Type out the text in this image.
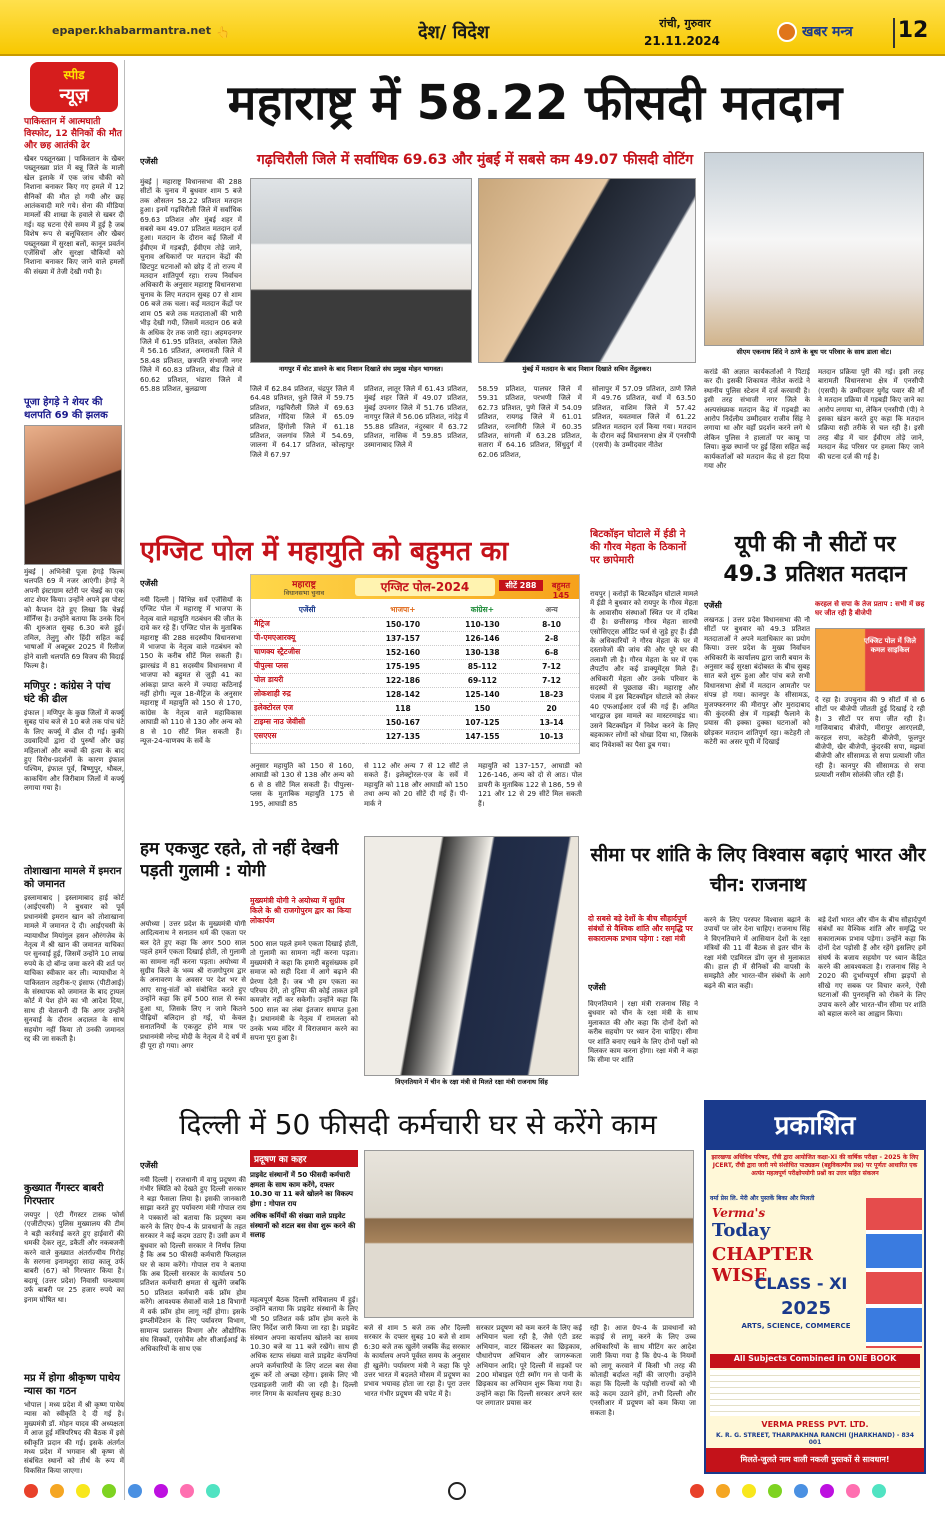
epaper.khabarmantra.net 👆	देश/ विदेश	रांची, गुरुवार
21.11.2024
खबर मन्त्र	12
स्पीड
न्यूज़
पाकिस्तान में आत्मघाती विस्फोट, 12 सैनिकों की मौत और छह आतंकी ढेर
खैबर पख्तूनख्वा | पाकिस्तान के खैबर पख्तूनख्वा प्रांत में बन्नू जिले के माली खेल इलाके में एक जांच चौकी को निशाना बनाकर किए गए हमले में 12 सैनिकों की मौत हो गयी और छह आतंकवादी मारे गये। सेना की मीडिया मामलों की शाखा के हवाले से खबर दी गई। यह घटना ऐसे समय में हुई है जब विशेष रूप से बलूचिस्तान और खैबर पख्तूनख्वा में सुरक्षा बलों, कानून प्रवर्तन एजेंसियों और सुरक्षा चौकियों को निशाना बनाकर किए जाने वाले हमलों की संख्या में तेजी देखी गयी है।
पूजा हेगड़े ने शेयर की थलपति 69 की झलक
मुंबई | अभिनेत्री पूजा हेगड़े फिल्म थलपति 69 में नजर आएंगी। हेगड़े ने अपनी इंस्टाग्राम स्टोरी पर चेन्नई का एक शाट शेयर किया। उन्होंने अपने इस पोस्ट को कैप्शन देते हुए लिखा कि चेन्नई मॉर्निंग्स है। उन्होंने बताया कि उनके दिन की शुरुआत सुबह 6.30 बजे हुई। तमिल, तेलुगु और हिंदी सहित कई भाषाओं में अक्टूबर 2025 में रिलीज होने वाली थलपति 69 विजय की विदाई फिल्म है।
मणिपुर : कांग्रेस ने पांच घंटे की ढील
इंफाल | मणिपुर के कुछ जिलों में कर्फ्यू सुबह पांच बजे से 10 बजे तक पांच घंटे के लिए कर्फ्यू में ढील दी गई। कुकी उग्रवादियों द्वारा दो पुरुषों और छह महिलाओं और बच्चों की हत्या के बाद हुए विरोध-प्रदर्शनों के कारण इंफाल पश्चिम, इंफाल पूर्व, बिष्णुपुर, थौबल, काकचिंग और जिरीबाम जिलों में कर्फ्यू लगाया गया है।
तोशाखाना मामले में इमरान को जमानत
इस्लामाबाद | इस्लामाबाद हाई कोर्ट (आईएचसी) ने बुधवार को पूर्व प्रधानमंत्री इमरान खान को तोशाखाना मामले में जमानत दे दी। आईएचसी के न्यायाधीश मियांगुल हसन औरंगजेब के नेतृत्व में श्री खान की जमानत याचिका पर सुनवाई हुई, जिसमें उन्होंने 10 लाख रुपये के दो बॉन्ड जमा करने की शर्त पर याचिका स्वीकार कर ली। न्यायाधीश ने पाकिस्तान तहरीक-ए इंसाफ (पीटीआई) के संस्थापक को जमानत के बाद ट्रायल कोर्ट में पेश होने का भी आदेश दिया, साथ ही चेतावनी दी कि अगर उन्होंने सुनवाई के दौरान अदालत के साथ सहयोग नहीं किया तो उनकी जमानत रद्द की जा सकती है।
कुख्यात गैंगस्टर बाबरी गिरफ्तार
जयपुर | एंटी गैंगस्टर टास्क फोर्स (एजीटीएफ) पुलिस मुख्यालय की टीम ने बड़ी कार्रवाई करते हुए हाईवारों की धमकी देकर लूट, डकैती और नकबजनी करने वाले कुख्यात अंतर्राज्यीय गिरोह के सरगना इनामशुदा सादा कालू उर्फ बाबरी (67) को गिरफ्तार किया है। बदायूं (उत्तर प्रदेश) निवासी घनश्याम उर्फ बाबरी पर 25 हजार रुपये का इनाम घोषित था।
मप्र में होगा श्रीकृष्ण पाथेय न्यास का गठन
भोपाल | मध्य प्रदेश में श्री कृष्ण पाथेय न्यास को स्वीकृति दे दी गई है। मुख्यमंत्री डॉ. मोहन यादव की अध्यक्षता में आज हुई मंत्रिपरिषद की बैठक में इसे स्वीकृति प्रदान की गई। इसके अंतर्गत मध्य प्रदेश में भगवान श्री कृष्ण से संबंधित स्थानों को तीर्थ के रूप में विकसित किया जाएगा।
महाराष्ट्र में 58.22 फीसदी मतदान
गढ़चिरौली जिले में सर्वाधिक 69.63 और मुंबई में सबसे कम 49.07 फीसदी वोटिंग
एजेंसी
मुंबई | महाराष्ट्र विधानसभा की 288 सीटों के चुनाव में बुधवार शाम 5 बजे तक औसतन 58.22 प्रतिशत मतदान हुआ। इनमें गढ़चिरौली जिले में सर्वाधिक 69.63 प्रतिशत और मुंबई शहर में सबसे कम 49.07 प्रतिशत मतदान दर्ज हुआ। मतदान के दौरान कई जिलों में ईवीएम में गड़बड़ी, ईवीएम तोड़े जाने, चुनाव अधिकारों पर मतदान केंद्रों की छिटपुट घटनाओं को छोड़ दें तो राज्य में मतदान शांतिपूर्ण रहा। राज्य निर्वाचन अधिकारी के अनुसार महाराष्ट्र विधानसभा चुनाव के लिए मतदान सुबह 07 से शाम 06 बजे तक चला। कई मतदान केंद्रों पर शाम 05 बजे तक मतदाताओं की भारी भीड़ देखी गयी, जिसमें मतदान 06 बजे के अधिक देर तक जारी रहा। अहमदनगर जिले में 61.95 प्रतिशत, अकोला जिले में 56.16 प्रतिशत, अमरावती जिले में 58.48 प्रतिशत, छत्रपति संभाजी नगर जिले में 60.83 प्रतिशत, बीड जिले में 60.62 प्रतिशत, भंडारा जिले में 65.88 प्रतिशत, बुलढाणा
नागपुर में वोट डालने के बाद निशान दिखाते संघ प्रमुख मोहन भागवत।	मुंबई में मतदान के बाद निशान दिखाते सचिन तेंदुलकर।
सीएम एकनाथ शिंदे ने ठाणे के बूथ पर परिवार के साथ डाला वोट।
जिले में 62.84 प्रतिशत, चंद्रपुर जिले में 64.48 प्रतिशत, धुले जिले में 59.75 प्रतिशत, गढ़चिरौली जिले में 69.63 प्रतिशत, गोंदिया जिले में 65.09 प्रतिशत, हिंगोली जिले में 61.18 प्रतिशत, जलगांव जिले में 54.69, जालना में 64.17 प्रतिशत, कोल्हापुर जिले में 67.97
प्रतिशत, लातूर जिले में 61.43 प्रतिशत, मुंबई शहर जिले में 49.07 प्रतिशत, मुंबई उपनगर जिले में 51.76 प्रतिशत, नागपुर जिले में 56.06 प्रतिशत, नांदेड़ में 55.88 प्रतिशत, नंदुरबार में 63.72 प्रतिशत, नासिक में 59.85 प्रतिशत, उस्मानाबाद जिले में
58.59 प्रतिशत, पालघर जिले में 59.31 प्रतिशत, परभणी जिले में 62.73 प्रतिशत, पुणे जिले में 54.09 प्रतिशत, रायगढ़ जिले में 61.01 प्रतिशत, रत्नागिरी जिले में 60.35 प्रतिशत, सांगली में 63.28 प्रतिशत, सतारा में 64.16 प्रतिशत, सिंधुदुर्ग में 62.06 प्रतिशत,
सोलापुर में 57.09 प्रतिशत, ठाणे जिले में 49.76 प्रतिशत, वर्धा में 63.50 प्रतिशत, वाशिम जिले में 57.42 प्रतिशत, यवतमाल जिले में 61.22 प्रतिशत मतदान दर्ज किया गया। मतदान के दौरान कई विधानसभा क्षेत्र में एनसीपी (एसपी) के उम्मीदवार नीतेश
करांडे की अज्ञात कार्यकर्ताओं ने पिटाई कर दी। इसकी शिकायत नीतेश करांडे ने स्थानीय पुलिस स्टेशन में दर्ज करवायी है। इसी तरह संभाजी नगर जिले के अल्पसंख्यक मतदान केंद्र में गड़बड़ी का आरोप निर्दलीय उम्मीदवार राजीव सिंह ने लगाया था और वहाँ प्रदर्शन करने लगे थे लेकिन पुलिस ने हालातों पर काबू पा लिया। कुछ स्थानों पर हुई हिंसा सहित कई कार्यकर्ताओं को मतदान केंद्र से हटा दिया गया और
मतदान प्रक्रिया पूरी की गई। इसी तरह बारामती विधानसभा क्षेत्र में एनसीपी (एसपी) के उम्मीदवार युगेंद्र पवार की माँ ने मतदान प्रक्रिया में गड़बड़ी किए जाने का आरोप लगाया था, लेकिन एनसीपी (पी) ने इसका खंडन करते हुए कहा कि मतदान प्रक्रिया सही तरीके से चल रही है। इसी तरह बीड़ में चार ईवीएम तोड़े जाने, मतदान केंद्र परिसर पर हमला किए जाने की घटना दर्ज की गई है।
एग्जिट पोल में महायुति को बहुमत का
एजेंसी
नयी दिल्ली | विभिन्न सर्वे एजेंसियों के एग्जिट पोल में महाराष्ट्र में भाजपा के नेतृत्व वाले महायुति गठबंधन की जीत के दावे कर रहे हैं। एग्जिट पोल के मुताबिक महाराष्ट्र की 288 सदस्यीय विधानसभा में भाजपा के नेतृत्व वाले गठबंधन को 150 के करीब सीटें मिल सकती हैं। झारखंड में 81 सदस्यीय विधानसभा में भाजपा को बहुमत से जुड़ी 41 का आंकड़ा प्राप्त करने में ज्यादा कठिनाई नहीं होगी। न्यूज 18-मैट्रिज के अनुसार महाराष्ट्र में महायुति को 150 से 170, कांग्रेस के नेतृत्व वाले महाविकास आघाडी को 110 से 130 और अन्य को 8 से 10 सीटें मिल सकती हैं। न्यूज-24-चाणक्य के सर्वे के
महाराष्ट्र
विधानसभा चुनाव	एग्जिट पोल-2024	सीटें 288	बहुमत 145
एजेंसी	भाजपा+	कांग्रेस+	अन्य
मैट्रिज	150-170	110-130	8-10
पी-एमएआरक्यू	137-157	126-146	2-8
चाणक्य स्ट्रैटजीस	152-160	130-138	6-8
पीपुल्स प्लस	175-195	85-112	7-12
पोल डायरी	122-186	69-112	7-12
लोकशाही रुद्र	128-142	125-140	18-23
इलेक्टोरल एज	118	150	20
टाइम्स नाउ जेवीसी	150-167	107-125	13-14
एसएएस	127-135	147-155	10-13
अनुसार महायुति को 150 से 160, आघाडी को 130 से 138 और अन्य को 6 से 8 सीटें मिल सकती हैं। पीपुल्स-प्लस के मुताबिक महायुति 175 से 195, आघाडी 85
से 112 और अन्य 7 से 12 सीटें ले सकते हैं। इलेक्ट्रोरल-एज के सर्वे में महायुति को 118 और आघाडी को 150 तथा अन्य को 20 सीटें दी गई हैं। पी-मार्क ने
महायुति को 137-157, आघाडी को 126-146, अन्य को दो से आठ। पोल डायरी के मुताबिक 122 से 186, 59 से 121 और 12 से 29 सीटें मिल सकती हैं।
बिटकॉइन घोटाले में ईडी ने की गौरव मेहता के ठिकानों पर छापेमारी
रायपुर | करोड़ों के बिटकॉइन घोटाले मामले में ईडी ने बुधवार को रायपुर के गौरव मेहता के आवासीय संस्थाओं स्थित पर में दबिश दी है। छत्तीसगढ़ गौरव मेहता सारथी एसोसिएट्स ऑडिट फर्म से जुड़े हुए हैं। ईडी के अधिकारियों ने गौरव मेहता के घर में दस्तावेजों की जांच की और पूरे घर की तलाशी ली है। गौरव मेहता के घर में एक लैपटॉप और कई डाक्यूमेंट्स मिले हैं। अधिकारी मेहता और उनके परिवार के सदस्यों से पूछताछ की। महाराष्ट्र और पंजाब में इस बिटक्वॉइन घोटाले को लेकर 40 एफआईआर दर्ज की गई हैं। अमित भारद्वाज इस मामले का मास्टरमाइंड था। उसने बिटक्वॉइन में निवेश करने के लिए बहकाकर लोगों को धोखा दिया था, जिसके बाद निवेशकों का पैसा डूब गया।
यूपी की नौ सीटों पर 49.3 प्रतिशत मतदान
एजेंसी	करहल से सपा के तेज प्रताप : सभी में छह घर जीत रही है बीजेपी
लखनऊ | उत्तर प्रदेश विधानसभा की नौ सीटों पर बुधवार को 49.3 प्रतिशत मतदाताओं ने अपने मताधिकार का प्रयोग किया। उत्तर प्रदेश के मुख्य निर्वाचन अधिकारी के कार्यालय द्वारा जारी बयान के अनुसार कई सुरक्षा बंदोबस्त के बीच सुबह सात बजे शुरू हुआ और पांच बजे सभी विधानसभा क्षेत्रों में मतदान आमतौर पर संपन्न हो गया। कानपुर के सीसामऊ, मुजफ्फरनगर की मीरापुर और मुरादाबाद की कुंदरकी क्षेत्र में गड़बड़ी फैलाने के प्रयास की इक्का दुक्का घटनाओं को छोड़कर मतदान शांतिपूर्ण रहा। कटेहरी तो कटेरी का असर यूपी में दिखाई
एक्जिट पोल में जिले कमल साइकिल
दे रहा है। उपचुनाव की 9 सीटों में से 6 सीटों पर बीजेपी जीतती हुई दिखाई दे रही है। 3 सीटों पर सपा जीत रही है। गाजियाबाद बीजेपी, मीरापुर आरएलडी, करहल सपा, कटेहरी बीजेपी, फूलपुर बीजेपी, खैर बीजेपी, कुंदरकी सपा, मझवां बीजेपी और सीसामऊ से सपा प्रत्याशी जीत रही है। कानपुर की सीसामऊ से सपा प्रत्याशी नसीम सोलंकी जीत रही हैं।
हम एकजुट रहते, तो नहीं देखनी पड़ती गुलामी : योगी
अयोध्या | उत्तर प्रदेश के मुख्यमंत्री योगी आदित्यनाथ ने सनातन धर्म की एकता पर बल देते हुए कहा कि अगर 500 साल पहले हमने एकता दिखाई होती, तो गुलामी का सामना नहीं करना पड़ता। अयोध्या में सुग्रीव किले के भव्य श्री राजगोपुरम द्वार के अनावरण के अवसर पर देश भर से आए साधु-संतों को संबोधित करते हुए उन्होंने कहा कि हमें 500 साल से रुका हुआ था, जिसके लिए न जाने कितने पीढ़ियों बलिदान हो गई, यो केवल सनातनियों के एकजुट होने मात्र पर प्रधानमंत्री नरेन्द्र मोदी के नेतृत्व में दे वर्ष में ही पूरा हो गया। अगर
मुख्यमंत्री योगी ने अयोध्या में सुग्रीव किले के श्री राजगोपुरम द्वार का किया लोकार्पण
500 साल पहले हमने एकता दिखाई होती, तो गुलामी का सामना नहीं करना पड़ता। मुख्यमंत्री ने कहा कि हमारी बहुसंख्यक हमें समाज को सही दिशा में आगे बढ़ाने की प्रेरणा देती हैं। जब भी हम एकता का परिचय देंगे, तो दुनिया की कोई ताकत हमें कमजोर नहीं कर सकेगी। उन्होंने कहा कि 500 साल का लंबा इंतजार समाप्त हुआ है। प्रधानमंत्री के नेतृत्व में रामलला को उनके भव्य मंदिर में विराजमान करने का सपना पूरा हुआ है।
विएनतियाने में चीन के रक्षा मंत्री से मिलते रक्षा मंत्री राजनाथ सिंह
सीमा पर शांति के लिए विश्वास बढ़ाएं भारत और चीन: राजनाथ
दो सबसे बड़े देशों के बीच सौहार्दपूर्ण संबंधों से वैश्विक शांति और समृद्धि पर सकारात्मक प्रभाव पड़ेगा : रक्षा मंत्री
एजेंसी
विएनतियाने | रक्षा मंत्री राजनाथ सिंह ने बुधवार को चीन के रक्षा मंत्री के साथ मुलाकात की और कहा कि दोनों देशों को करीब सहयोग पर ध्यान देना चाहिए। सीमा पर शांति बनाए रखने के लिए दोनों पक्षों को मिलकर काम करना होगा। रक्षा मंत्री ने कहा कि सीमा पर शांति
करने के लिए परस्पर विश्वास बढ़ाने के उपायों पर जोर देना चाहिए। राजनाथ सिंह ने विएनतियाने में आसियान देशों के रक्षा मंत्रियों की 11 वीं बैठक से इतर चीन के रक्षा मंत्री एडमिरल डोंग जुन से मुलाकात की। हाल ही में सैनिकों की वापसी के समझौते और भारत-चीन संबंधों के आगे बढ़ने की बात कही।
बड़े देशों भारत और चीन के बीच सौहार्दपूर्ण संबंधों का वैश्विक शांति और समृद्धि पर सकारात्मक प्रभाव पड़ेगा। उन्होंने कहा कि दोनों देश पड़ोसी हैं और रहेंगे इसलिए हमें संघर्ष के बजाय सहयोग पर ध्यान केंद्रित करने की आवश्यकता है। राजनाथ सिंह ने 2020 की दुर्भाग्यपूर्ण सीमा झड़पों से सीखे गए सबक पर विचार करने, ऐसी घटनाओं की पुनरावृत्ति को रोकने के लिए उपाय करने और भारत-चीन सीमा पर शांति को बहाल करने का आह्वान किया।
दिल्ली में 50 फीसदी कर्मचारी घर से करेंगे काम
एजेंसी
नयी दिल्ली | राजधानी में वायु प्रदूषण की गंभीर स्थिति को देखते हुए दिल्ली सरकार ने बड़ा फैसला लिया है। इसकी जानकारी साझा करते हुए पर्यावरण मंत्री गोपाल राय ने पत्रकारों को बताया कि प्रदूषण कम करने के लिए ग्रेप-4 के प्रावधानों के तहत सरकार ने कई कदम उठाए हैं। उसी क्रम में बुधवार को दिल्ली सरकार ने निर्णय लिया है कि अब 50 फीसदी कर्मचारी फिलहाल घर से काम करेंगे। गोपाल राय ने बताया कि अब दिल्ली सरकार के कार्यालय 50 प्रतिशत कर्मचारी क्षमता से खुलेंगे जबकि 50 प्रतिशत कर्मचारी वर्क फ्रॉम होम करेंगे। आवश्यक सेवाओं वाले 18 विभागों में वर्क फ्रॉम होम लागू नहीं होगा। इसके इम्प्लीमेंटेशन के लिए पर्यावरण विभाग, सामान्य प्रशासन विभाग और औद्योगिक संघ सिक्कों, एसोचैम और सीआईआई के अधिकारियों के साथ एक
प्रदूषण का कहर
प्राइवेट संस्थानों में 50 फीसदी कर्मचारी क्षमता के साथ काम करेंगे, दफ्तर 10.30 या 11 बजे खोलने का विकल्प होगा : गोपाल राय
अधिक कर्मियों की संख्या वाले प्राइवेट संस्थानों को शटल बस सेवा शुरू करने की सलाह
महत्वपूर्ण बैठक दिल्ली सचिवालय में हुई। उन्होंने बताया कि प्राइवेट संस्थानों के लिए भी 50 प्रतिशत वर्क फ्रॉम होम करने के लिए निर्देश जारी किया जा रहा है। प्राइवेट संस्थान अपना कार्यालय खोलने का समय 10.30 बजे या 11 बजे रखेंगे। साथ ही अधिक स्टाफ संख्या वाले प्राइवेट कंपनियां अपने कर्मचारियों के लिए शटल बस सेवा शुरू करें तो अच्छा रहेगा। इसके लिए भी एडवाइजरी जारी की जा रही है। दिल्ली नगर निगम के कार्यालय सुबह 8:30
बजे से शाम 5 बजे तक और दिल्ली सरकार के दफ्तर सुबह 10 बजे से शाम 6:30 बजे तक खुलेंगे जबकि केंद्र सरकार के कार्यालय अपने पूर्वस्त समय के अनुसार ही खुलेंगे। पर्यावरण मंत्री ने कहा कि पूरे उत्तर भारत में बदलते मौसम में प्रदूषण का प्रभाव भयावह होता जा रहा है। पूरा उत्तर भारत गंभीर प्रदूषण की चपेट में है।
सरकार प्रदूषण को कम करने के लिए कई अभियान चला रही है, जैसे एंटी डस्ट अभियान, वाटर स्प्रिंकलर का छिड़काव, पौधारोपण अभियान और जागरूकता अभियान आदि। पूरे दिल्ली में सड़कों पर 200 मोबाइल एंटी स्मॉग गन से पानी के छिड़काव का अभियान शुरू किया गया है। उन्होंने कहा कि दिल्ली सरकार अपने स्तर पर लगातार प्रयास कर
रही है। आज ग्रेप-4 के प्रावधानों को कड़ाई से लागू करने के लिए उच्च अधिकारियों के साथ मीटिंग कर आदेश जारी किया गया है कि ग्रेप-4 के नियमों को लागू करवाने में किसी भी तरह की कोताही बर्दाश्त नहीं की जाएगी। उन्होंने कहा कि दिल्ली के पड़ोसी राज्यों को भी कड़े कदम उठाने होंगे, तभी दिल्ली और एनसीआर में प्रदूषण को कम किया जा सकता है।
प्रकाशित
झारखण्ड अधिविध परिषद, राँची द्वारा आयोजित कक्षा-XI की वार्षिक परीक्षा - 2025 के लिए JCERT, राँची द्वारा जारी नये संशोधित पाठ्यक्रम (बहुविकल्पीय प्रश्न) पर पूर्णतः आधारित एक अत्यंत महत्वपूर्ण परीक्षोपयोगी प्रश्नों का उत्तर सहित संकलन
वर्मा प्रेस लि. मेरी और पुस्तकें बिका और मिलती
Verma's
Today
CHAPTER WISE
CLASS - XI
2025
ARTS, SCIENCE, COMMERCE
All Subjects Combined in ONE BOOK
VERMA PRESS PVT. LTD.
K. R. G. STREET, THARPAKHNA RANCHI (JHARKHAND) - 834 001
मिलते-जुलते नाम वाली नकली पुस्तकों से सावधान!
